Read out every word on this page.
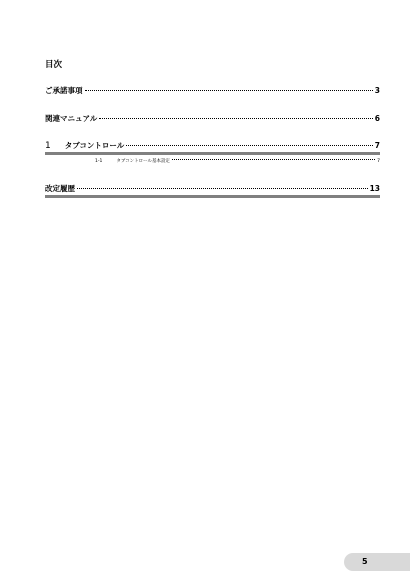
目次
ご承諾事項	3
関連マニュアル	6
1 タブコントロール	7
1-1	タブコントロール基本設定	7
改定履歴	13
5
